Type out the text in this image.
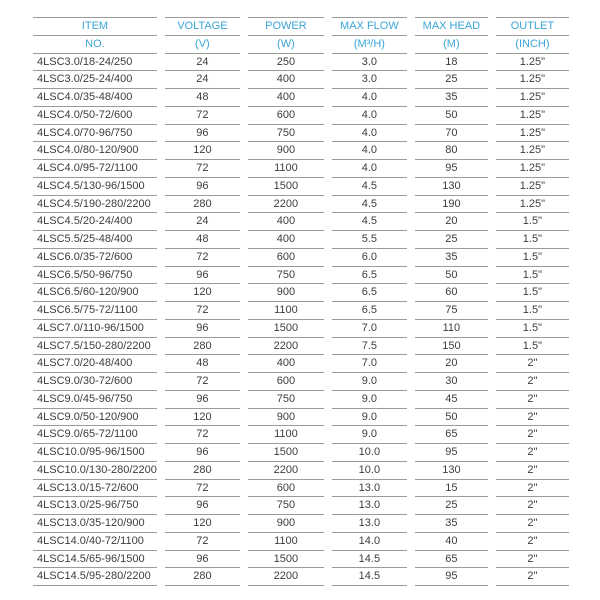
ITEM	VOLTAGE	POWER	MAX FLOW	MAX HEAD	OUTLET
NO.	(V)	(W)	(M³/H)	(M)	(INCH)
4LSC3.0/18-24/250	24	250	3.0	18	1.25"
4LSC3.0/25-24/400	24	400	3.0	25	1.25"
4LSC4.0/35-48/400	48	400	4.0	35	1.25"
4LSC4.0/50-72/600	72	600	4.0	50	1.25"
4LSC4.0/70-96/750	96	750	4.0	70	1.25"
4LSC4.0/80-120/900	120	900	4.0	80	1.25"
4LSC4.0/95-72/1100	72	1100	4.0	95	1.25"
4LSC4.5/130-96/1500	96	1500	4.5	130	1.25"
4LSC4.5/190-280/2200	280	2200	4.5	190	1.25"
4LSC4.5/20-24/400	24	400	4.5	20	1.5"
4LSC5.5/25-48/400	48	400	5.5	25	1.5"
4LSC6.0/35-72/600	72	600	6.0	35	1.5"
4LSC6.5/50-96/750	96	750	6.5	50	1.5"
4LSC6.5/60-120/900	120	900	6.5	60	1.5"
4LSC6.5/75-72/1100	72	1100	6.5	75	1.5"
4LSC7.0/110-96/1500	96	1500	7.0	110	1.5"
4LSC7.5/150-280/2200	280	2200	7.5	150	1.5"
4LSC7.0/20-48/400	48	400	7.0	20	2"
4LSC9.0/30-72/600	72	600	9.0	30	2"
4LSC9.0/45-96/750	96	750	9.0	45	2"
4LSC9.0/50-120/900	120	900	9.0	50	2"
4LSC9.0/65-72/1100	72	1100	9.0	65	2"
4LSC10.0/95-96/1500	96	1500	10.0	95	2"
4LSC10.0/130-280/2200	280	2200	10.0	130	2"
4LSC13.0/15-72/600	72	600	13.0	15	2"
4LSC13.0/25-96/750	96	750	13.0	25	2"
4LSC13.0/35-120/900	120	900	13.0	35	2"
4LSC14.0/40-72/1100	72	1100	14.0	40	2"
4LSC14.5/65-96/1500	96	1500	14.5	65	2"
4LSC14.5/95-280/2200	280	2200	14.5	95	2"
